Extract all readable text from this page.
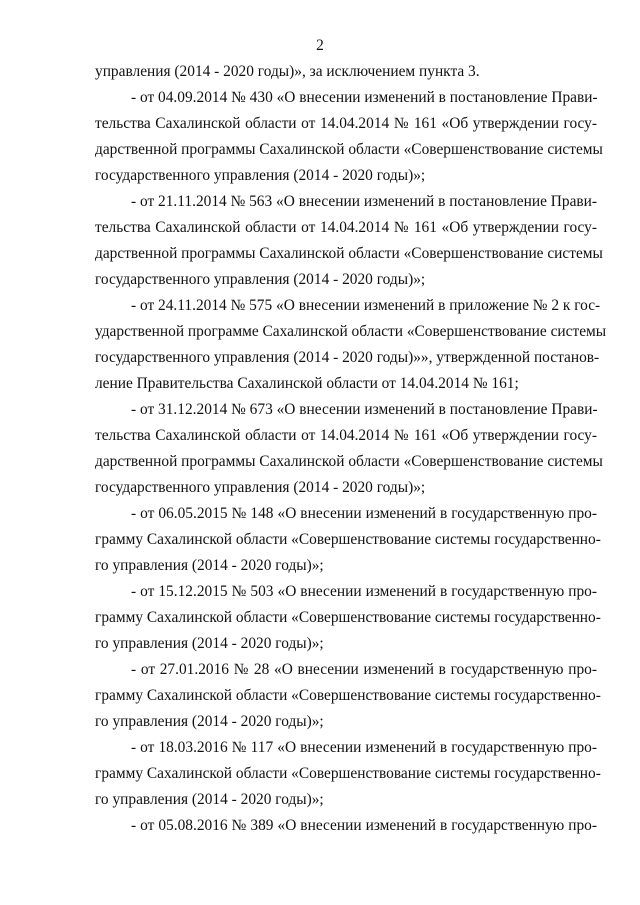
2
управления (2014 - 2020 годы)», за исключением пункта 3.
- от 04.09.2014 № 430 «О внесении изменений в постановление Прави-
тельства Сахалинской области от 14.04.2014 № 161 «Об утверждении госу-
дарственной программы Сахалинской области «Совершенствование системы
государственного управления (2014 - 2020 годы)»;
- от 21.11.2014 № 563 «О внесении изменений в постановление Прави-
тельства Сахалинской области от 14.04.2014 № 161 «Об утверждении госу-
дарственной программы Сахалинской области «Совершенствование системы
государственного управления (2014 - 2020 годы)»;
- от 24.11.2014 № 575 «О внесении изменений в приложение № 2 к гос-
ударственной программе Сахалинской области «Совершенствование системы
государственного управления (2014 - 2020 годы)»», утвержденной постанов-
ление Правительства Сахалинской области от 14.04.2014 № 161;
- от 31.12.2014 № 673 «О внесении изменений в постановление Прави-
тельства Сахалинской области от 14.04.2014 № 161 «Об утверждении госу-
дарственной программы Сахалинской области «Совершенствование системы
государственного управления (2014 - 2020 годы)»;
- от 06.05.2015 № 148 «О внесении изменений в государственную про-
грамму Сахалинской области «Совершенствование системы государственно-
го управления (2014 - 2020 годы)»;
- от 15.12.2015 № 503 «О внесении изменений в государственную про-
грамму Сахалинской области «Совершенствование системы государственно-
го управления (2014 - 2020 годы)»;
- от 27.01.2016 № 28 «О внесении изменений в государственную про-
грамму Сахалинской области «Совершенствование системы государственно-
го управления (2014 - 2020 годы)»;
- от 18.03.2016 № 117 «О внесении изменений в государственную про-
грамму Сахалинской области «Совершенствование системы государственно-
го управления (2014 - 2020 годы)»;
- от 05.08.2016 № 389 «О внесении изменений в государственную про-
